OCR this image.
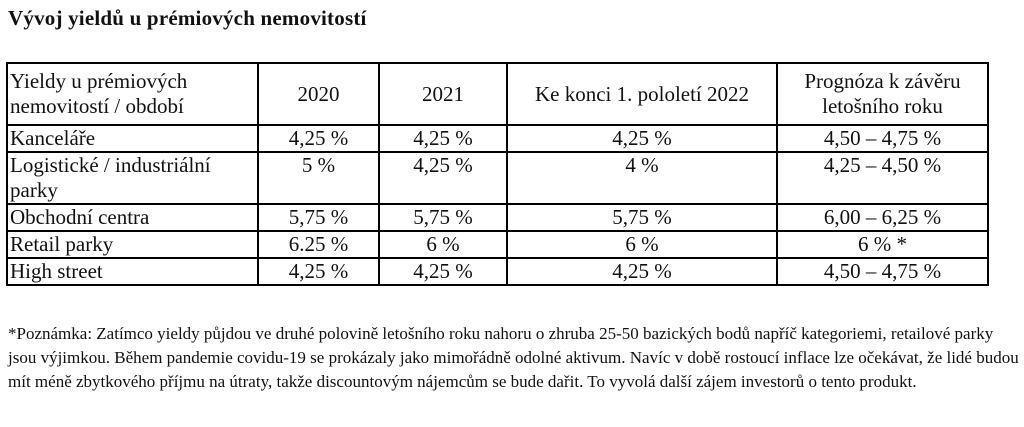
Vývoj yieldů u prémiových nemovitostí
Yieldy u prémiových nemovitostí / období	2020	2021	Ke konci 1. pololetí 2022	Prognóza k závěru letošního roku
Kanceláře	4,25 %	4,25 %	4,25 %	4,50 – 4,75 %
Logistické / industriální parky	5 %	4,25 %	4 %	4,25 – 4,50 %
Obchodní centra	5,75 %	5,75 %	5,75 %	6,00 – 6,25 %
Retail parky	6.25 %	6 %	6 %	6 % *
High street	4,25 %	4,25 %	4,25 %	4,50 – 4,75 %
*Poznámka: Zatímco yieldy půjdou ve druhé polovině letošního roku nahoru o zhruba 25-50 bazických bodů napříč kategoriemi, retailové parky jsou výjimkou. Během pandemie covidu-19 se prokázaly jako mimořádně odolné aktivum. Navíc v době rostoucí inflace lze očekávat, že lidé budou mít méně zbytkového příjmu na útraty, takže discountovým nájemcům se bude dařit. To vyvolá další zájem investorů o tento produkt.
